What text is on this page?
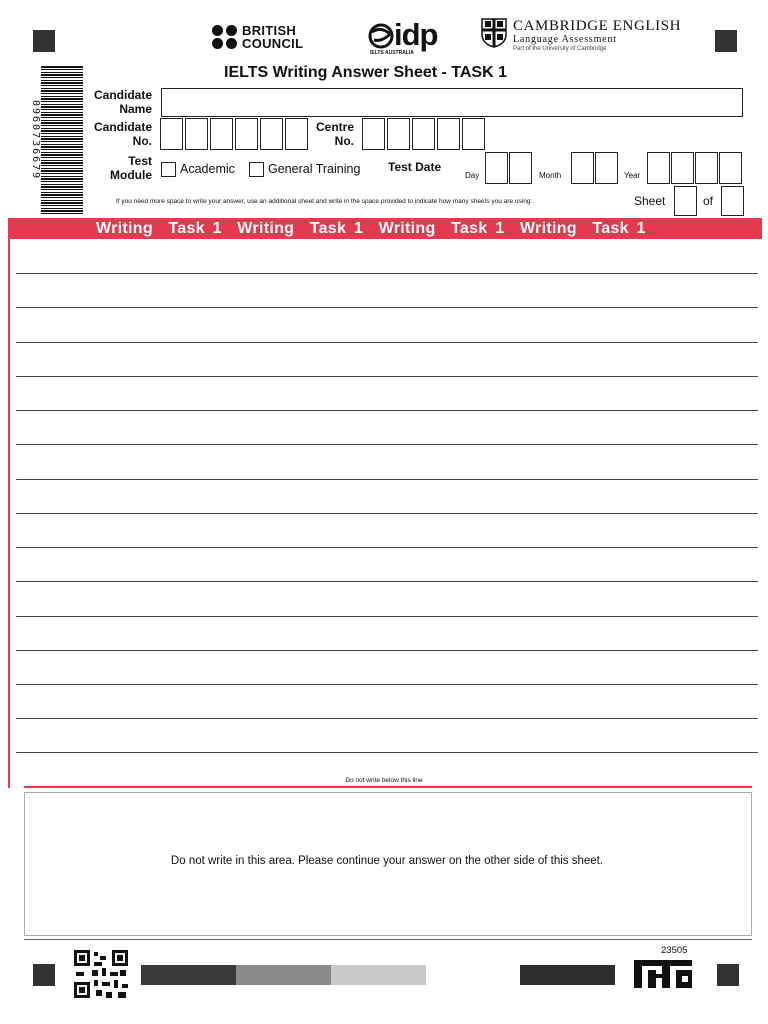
BRITISH
COUNCIL	idp
IELTS AUSTRALIA
CAMBRIDGE ENGLISH
Language Assessment
Part of the University of Cambridge
0960736679
IELTS Writing Answer Sheet - TASK 1
Candidate
Name
Candidate
No.
Centre
No.
Test
Module Academic	General Training Test Date
Day	Month	Year
If you need more space to write your answer, use an additional sheet and write in the space provided to indicate how many sheets you are using:	Sheet	of
Writing  Task 1  Writing  Task 1  Writing  Task 1  Writing  Task 1
Do not write below this line
Do not write in this area. Please continue your answer on the other side of this sheet.
23505
